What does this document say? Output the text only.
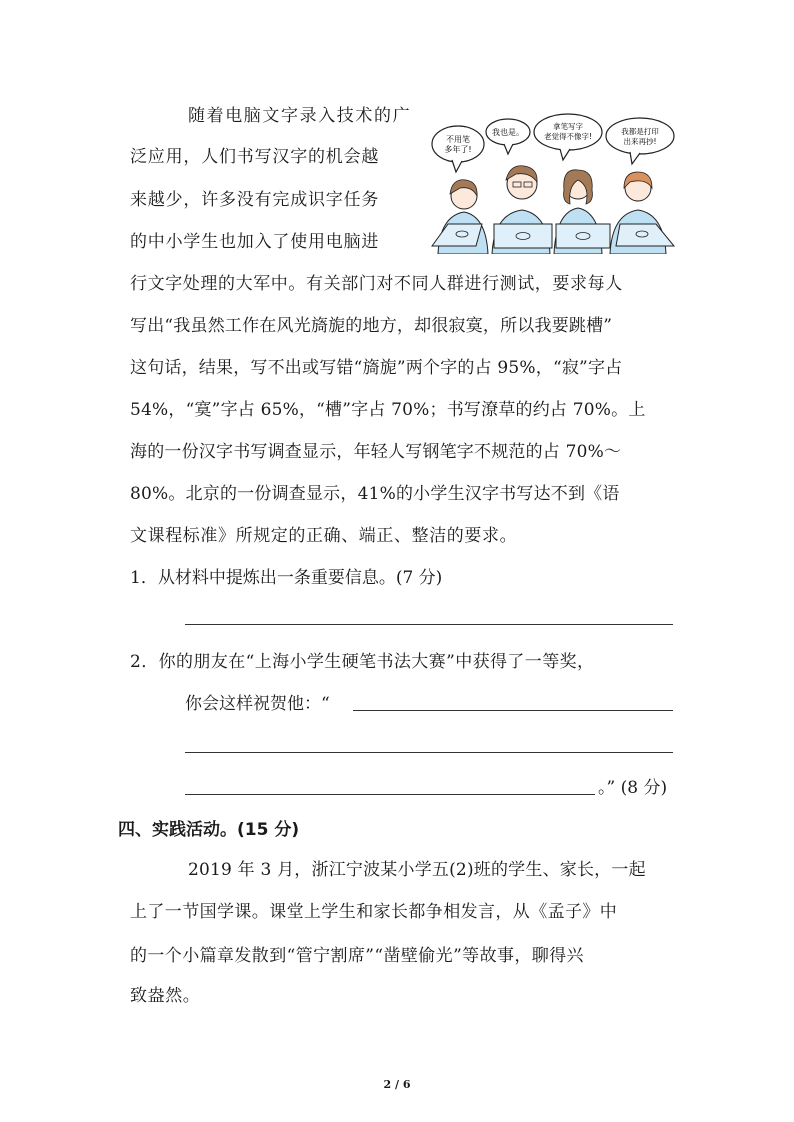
随着电脑文字录入技术的广
泛应用，人们书写汉字的机会越
来越少，许多没有完成识字任务
的中小学生也加入了使用电脑进
行文字处理的大军中。有关部门对不同人群进行测试，要求每人
写出“我虽然工作在风光旖旎的地方，却很寂寞，所以我要跳槽”
这句话，结果，写不出或写错“旖旎”两个字的占 95%，“寂”字占
54%，“寞”字占 65%，“槽”字占 70%；书写潦草的约占 70%。上
海的一份汉字书写调查显示，年轻人写钢笔字不规范的占 70%～
80%。北京的一份调查显示，41%的小学生汉字书写达不到《语
文课程标准》所规定的正确、端正、整洁的要求。
不用笔
多年了!
我也是。
拿笔写字
老觉得不像字!
我都是打印
出来再抄!
1．从材料中提炼出一条重要信息。(7 分)
2．你的朋友在“上海小学生硬笔书法大赛”中获得了一等奖，
你会这样祝贺他：“
。” (8 分)
四、实践活动。(15 分)
2019 年 3 月，浙江宁波某小学五(2)班的学生、家长，一起
上了一节国学课。课堂上学生和家长都争相发言，从《孟子》中
的一个小篇章发散到“管宁割席”“凿壁偷光”等故事，聊得兴
致盎然。
2 / 6
